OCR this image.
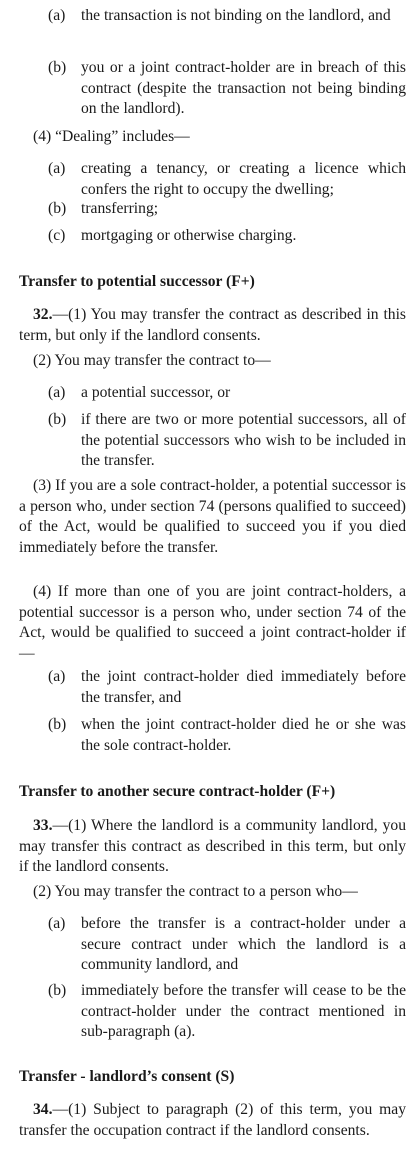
(a)	the transaction is not binding on the landlord, and
(b) you or a joint contract-holder are in breach of this contract (despite the transaction not being binding on the landlord).
(4) “Dealing” includes—
(a)	creating a tenancy, or creating a licence which confers the right to occupy the dwelling;
(b) transferring;
(c)	mortgaging or otherwise charging.
Transfer to potential successor (F+)
32.—(1) You may transfer the contract as described in this term, but only if the landlord consents.
(2) You may transfer the contract to—
(a)	a potential successor, or
(b) if there are two or more potential successors, all of the potential successors who wish to be included in the transfer.
(3) If you are a sole contract-holder, a potential successor is a person who, under section 74 (persons qualified to succeed) of the Act, would be qualified to succeed you if you died immediately before the transfer.
(4) If more than one of you are joint contract-holders, a potential successor is a person who, under section 74 of the Act, would be qualified to succeed a joint contract-holder if—
(a)	the joint contract-holder died immediately before the transfer, and
(b) when the joint contract-holder died he or she was the sole contract-holder.
Transfer to another secure contract-holder (F+)
33.—(1) Where the landlord is a community landlord, you may transfer this contract as described in this term, but only if the landlord consents.
(2) You may transfer the contract to a person who—
(a)	before the transfer is a contract-holder under a secure contract under which the landlord is a community landlord, and
(b) immediately before the transfer will cease to be the contract-holder under the contract mentioned in sub-paragraph (a).
Transfer - landlord’s consent (S)
34.—(1) Subject to paragraph (2) of this term, you may transfer the occupation contract if the landlord consents.
